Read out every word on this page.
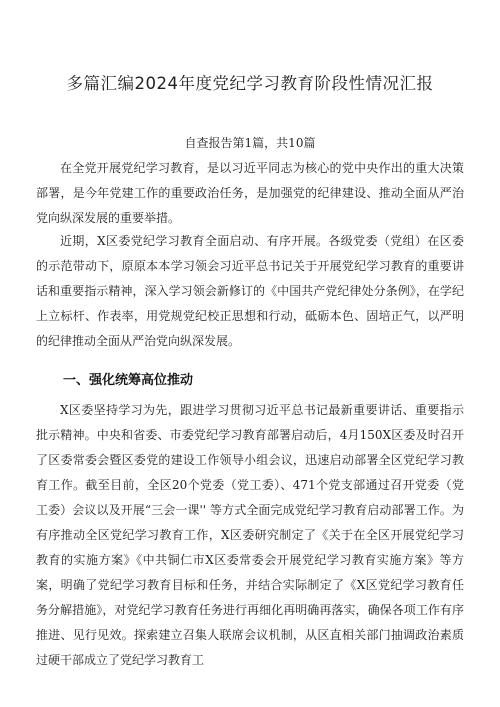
多篇汇编2024年度党纪学习教育阶段性情况汇报
自查报告第1篇，共10篇

在全党开展党纪学习教育，是以习近平同志为核心的党中央作出的重大决策部署，是今年党建工作的重要政治任务，是加强党的纪律建设、推动全面从严治党向纵深发展的重要举措。

近期，X区委党纪学习教育全面启动、有序开展。各级党委（党组）在区委的示范带动下，原原本本学习领会习近平总书记关于开展党纪学习教育的重要讲话和重要指示精神，深入学习领会新修订的《中国共产党纪律处分条例》，在学纪上立标杆、作表率，用党规党纪校正思想和行动，砥砺本色、固培正气，以严明的纪律推动全面从严治党向纵深发展。

一、强化统筹高位推动

X区委坚持学习为先，跟进学习贯彻习近平总书记最新重要讲话、重要指示批示精神。中央和省委、市委党纪学习教育部署启动后，4月150X区委及时召开了区委常委会暨区委党的建设工作领导小组会议，迅速启动部署全区党纪学习教育工作。截至目前，全区20个党委（党工委）、471个党支部通过召开党委（党工委）会议以及开展“三会一课'' 等方式全面完成党纪学习教育启动部署工作。为有序推动全区党纪学习教育工作，X区委研究制定了《关于在全区开展党纪学习教育的实施方案》《中共铜仁市X区委常委会开展党纪学习教育实施方案》等方案，明确了党纪学习教育目标和任务，并结合实际制定了《X区党纪学习教育任务分解措施》，对党纪学习教育任务进行再细化再明确再落实，确保各项工作有序推进、见行见效。探索建立召集人联席会议机制，从区直相关部门抽调政治素质过硬干部成立了党纪学习教育工
